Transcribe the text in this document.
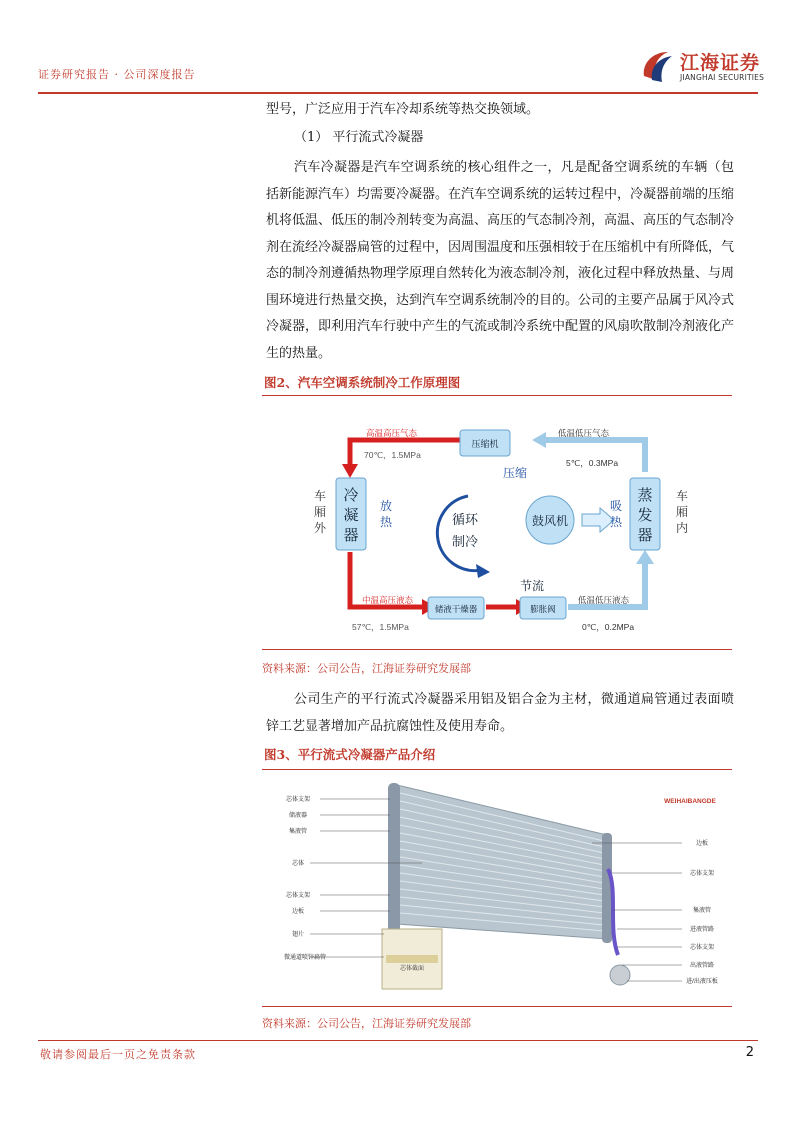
证券研究报告 · 公司深度报告
江海证券
JIANGHAI SECURITIES
型号，广泛应用于汽车冷却系统等热交换领域。
（1） 平行流式冷凝器
汽车冷凝器是汽车空调系统的核心组件之一，凡是配备空调系统的车辆（包括新能源汽车）均需要冷凝器。在汽车空调系统的运转过程中，冷凝器前端的压缩机将低温、低压的制冷剂转变为高温、高压的气态制冷剂，高温、高压的气态制冷剂在流经冷凝器扁管的过程中，因周围温度和压强相较于在压缩机中有所降低，气态的制冷剂遵循热物理学原理自然转化为液态制冷剂，液化过程中释放热量、与周围环境进行热量交换，达到汽车空调系统制冷的目的。公司的主要产品属于风冷式冷凝器，即利用汽车行驶中产生的气流或制冷系统中配置的风扇吹散制冷剂液化产生的热量。
图2、汽车空调系统制冷工作原理图
压缩机
冷
凝
器
蒸
发
器
储液干燥器	膨胀阀
鼓风机
车
厢
外
车
厢
内
放
热
吸
热
循环
制冷
压缩
节流
高温高压气态
70℃，1.5MPa
低温低压气态
5℃，0.3MPa
中温高压液态
57℃，1.5MPa
低温低压液态
0℃，0.2MPa
资料来源：公司公告，江海证券研究发展部
公司生产的平行流式冷凝器采用铝及铝合金为主材，微通道扁管通过表面喷锌工艺显著增加产品抗腐蚀性及使用寿命。
图3、平行流式冷凝器产品介绍
芯体截面
WEIHAIBANGDE
芯体支架
储液器
集液管
芯体
芯体支架
边板
翅片
微通道喷锌扁管
边板
芯体支架
集液管
进液管路
芯体支架
出液管路
进/出液压板
资料来源：公司公告，江海证券研究发展部
敬请参阅最后一页之免责条款	2
